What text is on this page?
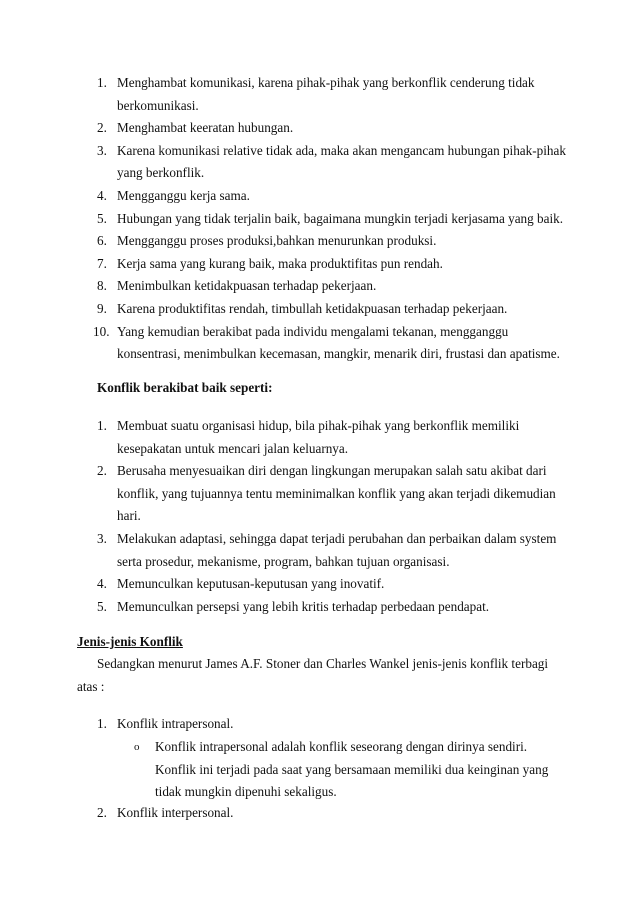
1. Menghambat komunikasi, karena pihak-pihak yang berkonflik cenderung tidak berkomunikasi.
2. Menghambat keeratan hubungan.
3. Karena komunikasi relative tidak ada, maka akan mengancam hubungan pihak-pihak yang berkonflik.
4. Mengganggu kerja sama.
5. Hubungan yang tidak terjalin baik, bagaimana mungkin terjadi kerjasama yang baik.
6. Mengganggu proses produksi,bahkan menurunkan produksi.
7. Kerja sama yang kurang baik, maka produktifitas pun rendah.
8. Menimbulkan ketidakpuasan terhadap pekerjaan.
9. Karena produktifitas rendah, timbullah ketidakpuasan terhadap pekerjaan.
10. Yang kemudian berakibat pada individu mengalami tekanan, mengganggu konsentrasi, menimbulkan kecemasan, mangkir, menarik diri, frustasi dan apatisme.
Konflik berakibat baik seperti:
1. Membuat suatu organisasi hidup, bila pihak-pihak yang berkonflik memiliki kesepakatan untuk mencari jalan keluarnya.
2. Berusaha menyesuaikan diri dengan lingkungan merupakan salah satu akibat dari konflik, yang tujuannya tentu meminimalkan konflik yang akan terjadi dikemudian hari.
3. Melakukan adaptasi, sehingga dapat terjadi perubahan dan perbaikan dalam system serta prosedur, mekanisme, program, bahkan tujuan organisasi.
4. Memunculkan keputusan-keputusan yang inovatif.
5. Memunculkan persepsi yang lebih kritis terhadap perbedaan pendapat.
Jenis-jenis Konflik
Sedangkan menurut James A.F. Stoner dan Charles Wankel jenis-jenis konflik terbagi
atas :
1. Konflik intrapersonal.
o Konflik intrapersonal adalah konflik seseorang dengan dirinya sendiri. Konflik ini terjadi pada saat yang bersamaan memiliki dua keinginan yang tidak mungkin dipenuhi sekaligus.
2. Konflik interpersonal.
